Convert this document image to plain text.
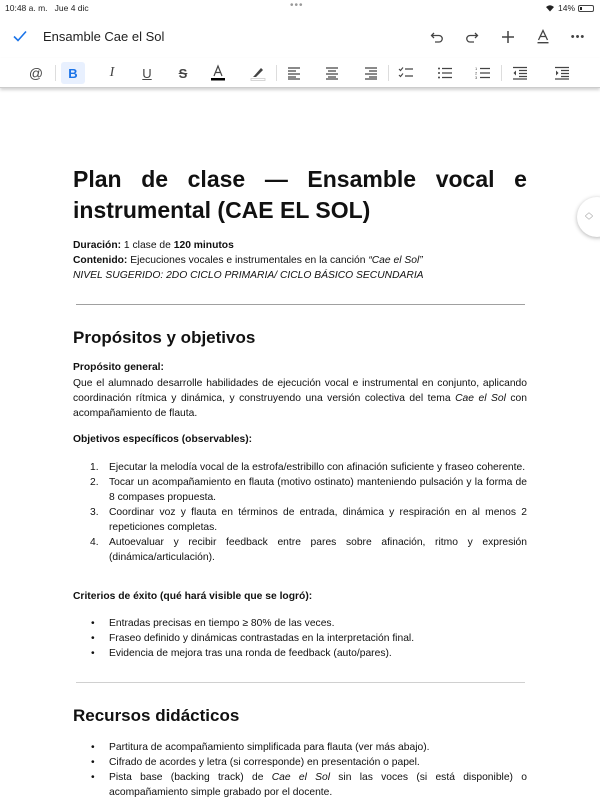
10:48 a. m. Jue 4 dic	•••	14%
Ensamble Cae el Sol	•••
@	B	I	U	S	1
2
3
Plan de clase — Ensamble vocal e
instrumental (CAE EL SOL)
Duración: 1 clase de 120 minutos
Contenido: Ejecuciones vocales e instrumentales en la canción “Cae el Sol”
NIVEL SUGERIDO: 2DO CICLO PRIMARIA/ CICLO BÁSICO SECUNDARIA
Propósitos y objetivos
Propósito general:
Que el alumnado desarrolle habilidades de ejecución vocal e instrumental en conjunto, aplicando coordinación rítmica y dinámica, y construyendo una versión colectiva del tema Cae el Sol con acompañamiento de flauta.
Objetivos específicos (observables):
1. Ejecutar la melodía vocal de la estrofa/estribillo con afinación suficiente y fraseo coherente.
2. Tocar un acompañamiento en flauta (motivo ostinato) manteniendo pulsación y la forma de 8 compases propuesta.
3. Coordinar voz y flauta en términos de entrada, dinámica y respiración en al menos 2 repeticiones completas.
4. Autoevaluar y recibir feedback entre pares sobre afinación, ritmo y expresión (dinámica/articulación).
Criterios de éxito (qué hará visible que se logró):
• Entradas precisas en tiempo ≥ 80% de las veces.
• Fraseo definido y dinámicas contrastadas en la interpretación final.
• Evidencia de mejora tras una ronda de feedback (auto/pares).
Recursos didácticos
• Partitura de acompañamiento simplificada para flauta (ver más abajo).
• Cifrado de acordes y letra (si corresponde) en presentación o papel.
• Pista base (backing track) de Cae el Sol sin las voces (si está disponible) o acompañamiento simple grabado por el docente.
︿
﹀
